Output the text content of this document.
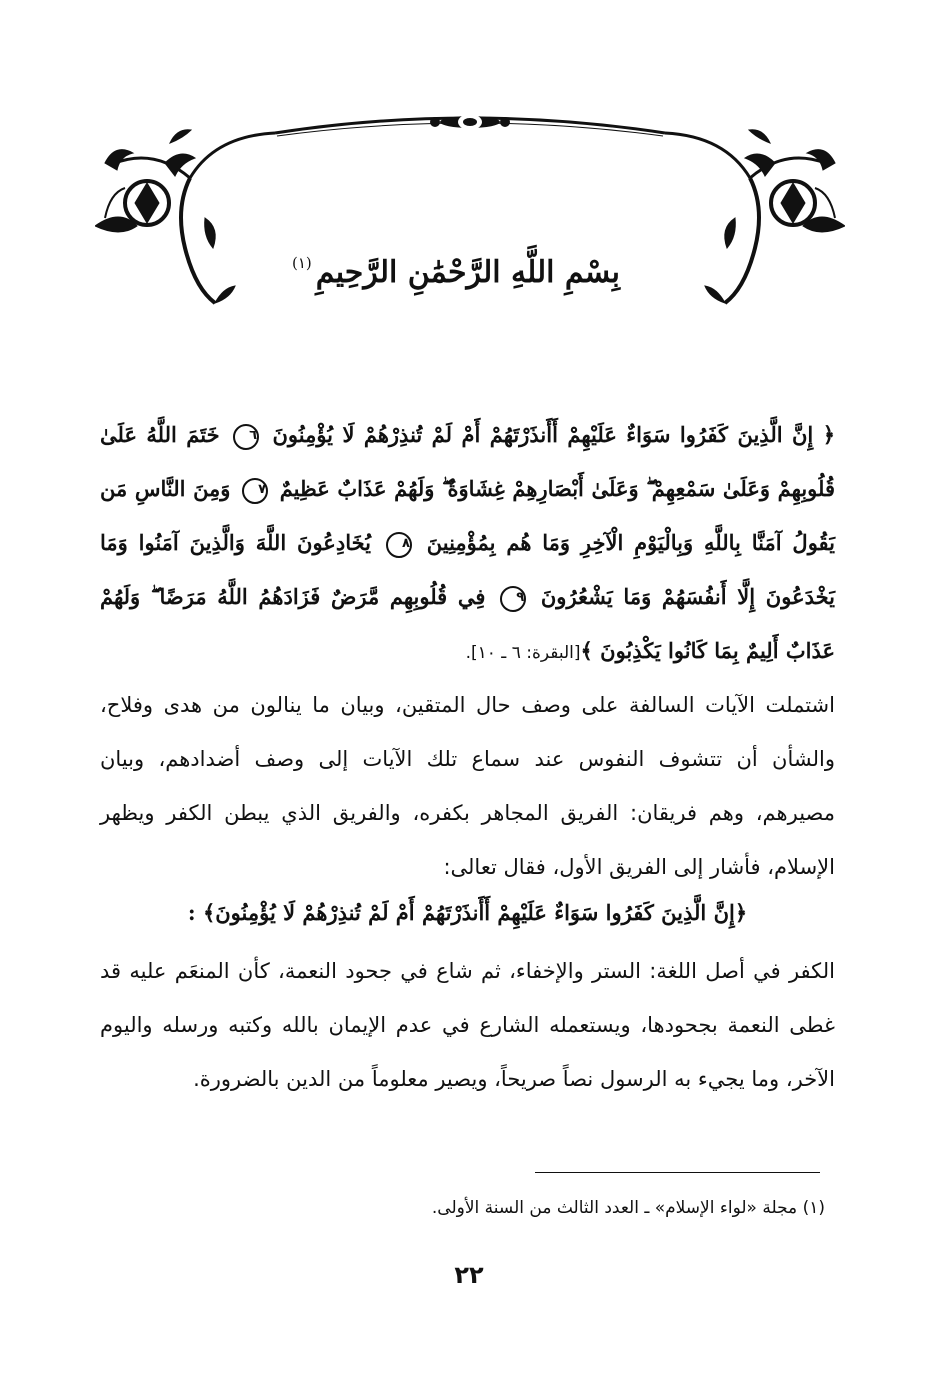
بِسْمِ اللَّهِ الرَّحْمَٰنِ الرَّحِيمِ$^{(١)}$
﴿ إِنَّ الَّذِينَ كَفَرُوا سَوَاءٌ عَلَيْهِمْ أَأَنذَرْتَهُمْ أَمْ لَمْ تُنذِرْهُمْ لَا يُؤْمِنُونَ ٦ خَتَمَ اللَّهُ عَلَىٰ قُلُوبِهِمْ وَعَلَىٰ سَمْعِهِمْ ۖ وَعَلَىٰ أَبْصَارِهِمْ غِشَاوَةٌ ۖ وَلَهُمْ عَذَابٌ عَظِيمٌ ٧ وَمِنَ النَّاسِ مَن يَقُولُ آمَنَّا بِاللَّهِ وَبِالْيَوْمِ الْآخِرِ وَمَا هُم بِمُؤْمِنِينَ ٨ يُخَادِعُونَ اللَّهَ وَالَّذِينَ آمَنُوا وَمَا يَخْدَعُونَ إِلَّا أَنفُسَهُمْ وَمَا يَشْعُرُونَ ٩ فِي قُلُوبِهِم مَّرَضٌ فَزَادَهُمُ اللَّهُ مَرَضًا ۖ وَلَهُمْ عَذَابٌ أَلِيمٌ بِمَا كَانُوا يَكْذِبُونَ ﴾[البقرة: ٦ ـ ١٠].
اشتملت الآيات السالفة على وصف حال المتقين، وبيان ما ينالون من هدى وفلاح، والشأن أن تتشوف النفوس عند سماع تلك الآيات إلى وصف أضدادهم، وبيان مصيرهم، وهم فريقان: الفريق المجاهر بكفره، والفريق الذي يبطن الكفر ويظهر الإسلام، فأشار إلى الفريق الأول، فقال تعالى:
﴿إِنَّ الَّذِينَ كَفَرُوا سَوَاءٌ عَلَيْهِمْ أَأَنذَرْتَهُمْ أَمْ لَمْ تُنذِرْهُمْ لَا يُؤْمِنُونَ﴾ :
الكفر في أصل اللغة: الستر والإخفاء، ثم شاع في جحود النعمة، كأن المنعَم عليه قد غطى النعمة بجحودها، ويستعمله الشارع في عدم الإيمان بالله وكتبه ورسله واليوم الآخر، وما يجيء به الرسول نصاً صريحاً، ويصير معلوماً من الدين بالضرورة.
(١) مجلة «لواء الإسلام» ـ العدد الثالث من السنة الأولى.
٢٢
